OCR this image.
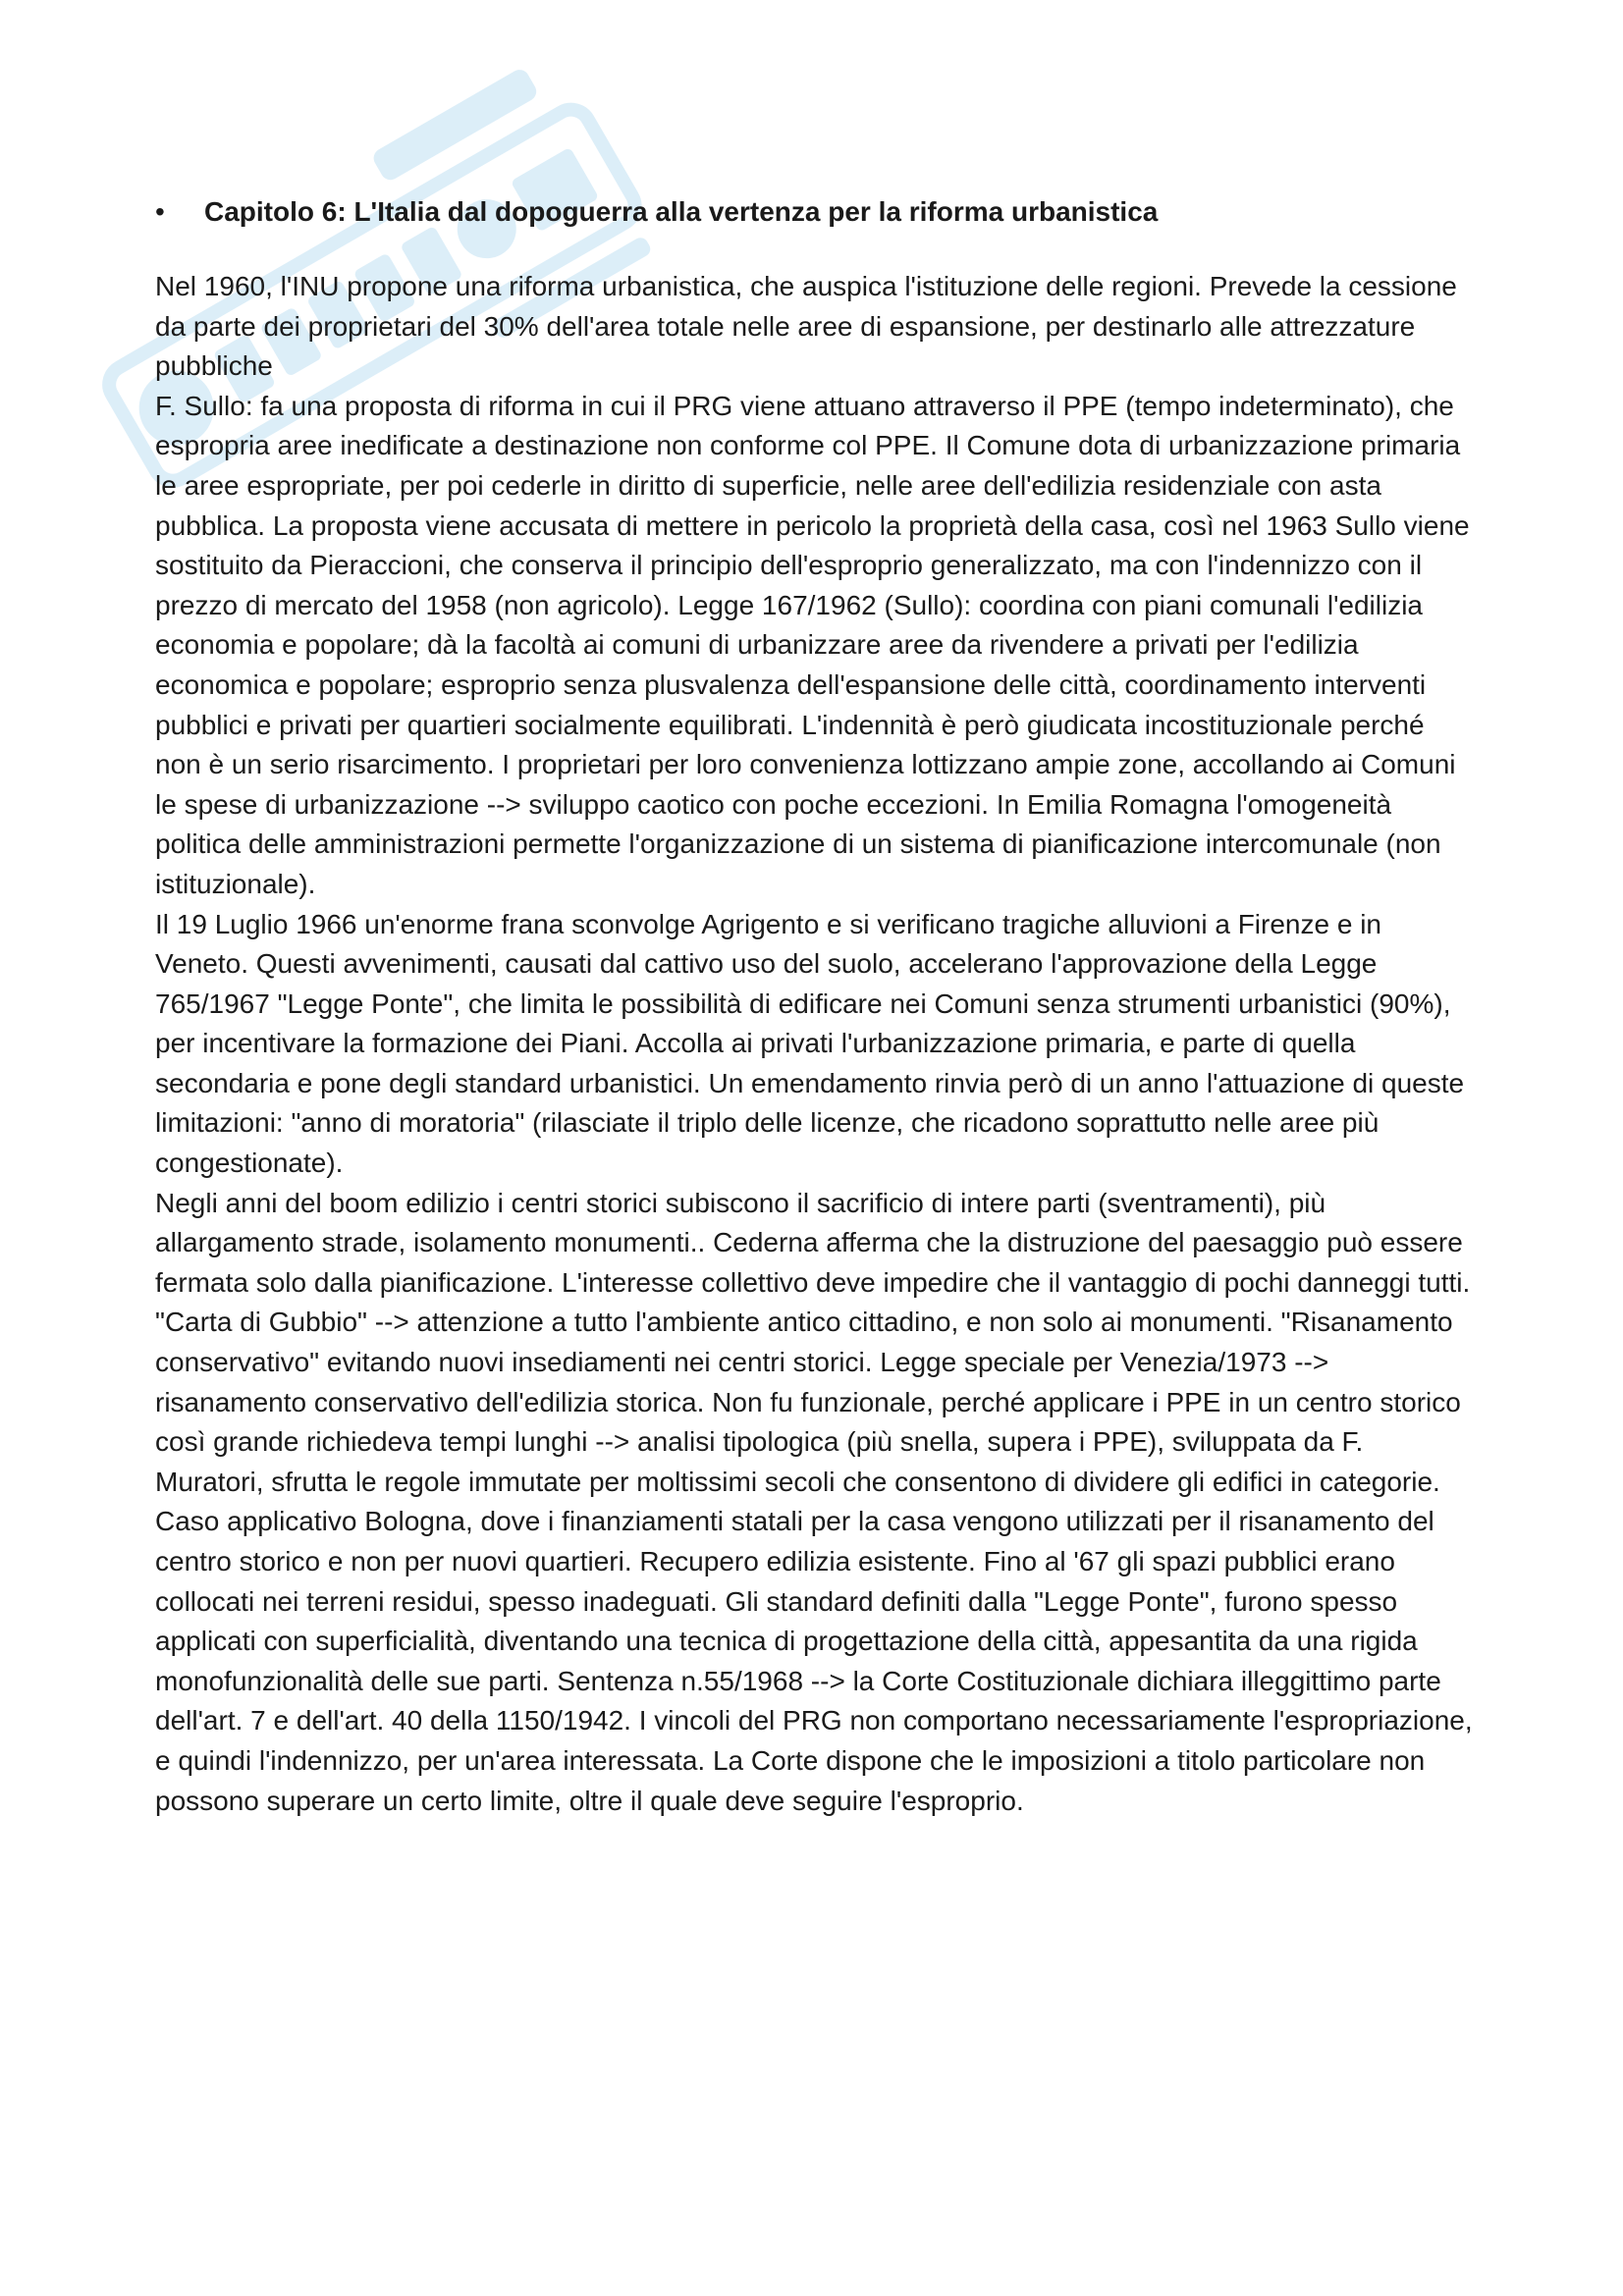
•	Capitolo 6: L'Italia dal dopoguerra alla vertenza per la riforma urbanistica

Nel 1960, l'INU propone una riforma urbanistica, che auspica l'istituzione delle regioni. Prevede la cessione da parte dei proprietari del 30% dell'area totale nelle aree di espansione, per destinarlo alle attrezzature pubbliche

F. Sullo: fa una proposta di riforma in cui il PRG viene attuano attraverso il PPE (tempo indeterminato), che espropria aree inedificate a destinazione non conforme col PPE. Il Comune dota di urbanizzazione primaria le aree espropriate, per poi cederle in diritto di superficie, nelle aree dell'edilizia residenziale con asta pubblica. La proposta viene accusata di mettere in pericolo la proprietà della casa, così nel 1963 Sullo viene sostituito da Pieraccioni, che conserva il principio dell'esproprio generalizzato, ma con l'indennizzo con il prezzo di mercato del 1958 (non agricolo). Legge 167/1962 (Sullo): coordina con piani comunali l'edilizia economia e popolare; dà la facoltà ai comuni di urbanizzare aree da rivendere a privati per l'edilizia economica e popolare; esproprio senza plusvalenza dell'espansione delle città, coordinamento interventi pubblici e privati per quartieri socialmente equilibrati. L'indennità è però giudicata incostituzionale perché non è un serio risarcimento. I proprietari per loro convenienza lottizzano ampie zone, accollando ai Comuni le spese di urbanizzazione --> sviluppo caotico con poche eccezioni. In Emilia Romagna l'omogeneità politica delle amministrazioni permette l'organizzazione di un sistema di pianificazione intercomunale (non istituzionale).

Il 19 Luglio 1966 un'enorme frana sconvolge Agrigento e si verificano tragiche alluvioni a Firenze e in Veneto. Questi avvenimenti, causati dal cattivo uso del suolo, accelerano l'approvazione della Legge 765/1967 "Legge Ponte", che limita le possibilità di edificare nei Comuni senza strumenti urbanistici (90%), per incentivare la formazione dei Piani. Accolla ai privati l'urbanizzazione primaria, e parte di quella secondaria e pone degli standard urbanistici. Un emendamento rinvia però di un anno l'attuazione di queste limitazioni: "anno di moratoria" (rilasciate il triplo delle licenze, che ricadono soprattutto nelle aree più congestionate).

Negli anni del boom edilizio i centri storici subiscono il sacrificio di intere parti (sventramenti), più allargamento strade, isolamento monumenti.. Cederna afferma che la distruzione del paesaggio può essere fermata solo dalla pianificazione. L'interesse collettivo deve impedire che il vantaggio di pochi danneggi tutti. "Carta di Gubbio" --> attenzione a tutto l'ambiente antico cittadino, e non solo ai monumenti. "Risanamento conservativo" evitando nuovi insediamenti nei centri storici. Legge speciale per Venezia/1973 --> risanamento conservativo dell'edilizia storica. Non fu funzionale, perché applicare i PPE in un centro storico così grande richiedeva tempi lunghi --> analisi tipologica (più snella, supera i PPE), sviluppata da F. Muratori, sfrutta le regole immutate per moltissimi secoli che consentono di dividere gli edifici in categorie. Caso applicativo Bologna, dove i finanziamenti statali per la casa vengono utilizzati per il risanamento del centro storico e non per nuovi quartieri. Recupero edilizia esistente. Fino al '67 gli spazi pubblici erano collocati nei terreni residui, spesso inadeguati. Gli standard definiti dalla "Legge Ponte", furono spesso applicati con superficialità, diventando una tecnica di progettazione della città, appesantita da una rigida monofunzionalità delle sue parti. Sentenza n.55/1968 --> la Corte Costituzionale dichiara illeggittimo parte dell'art. 7 e dell'art. 40 della 1150/1942. I vincoli del PRG non comportano necessariamente l'espropriazione, e quindi l'indennizzo, per un'area interessata. La Corte dispone che le imposizioni a titolo particolare non possono superare un certo limite, oltre il quale deve seguire l'esproprio.
